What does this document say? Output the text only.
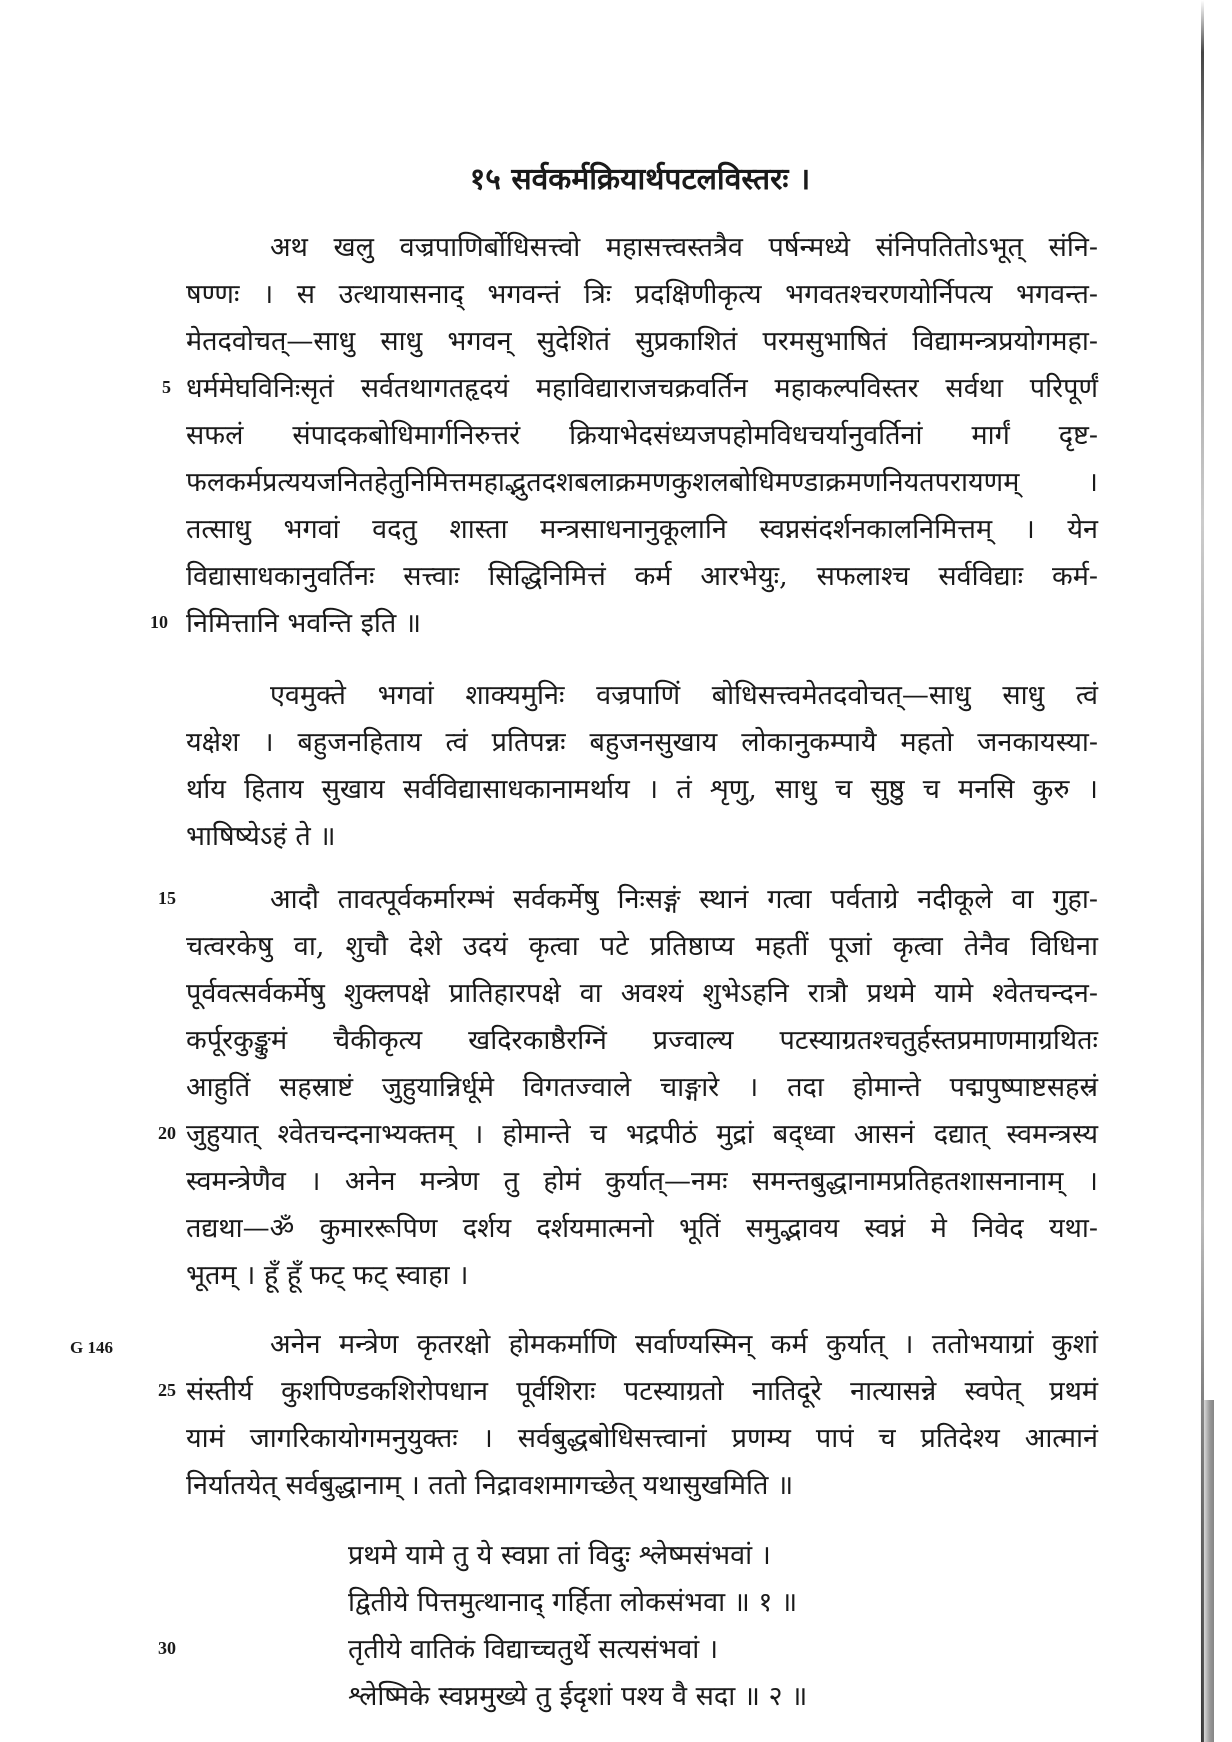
१५ सर्वकर्मक्रियार्थपटलविस्तरः ।
अथ खलु वज्रपाणिर्बोधिसत्त्वो महासत्त्वस्तत्रैव पर्षन्मध्ये संनिपतितोऽभूत् संनि-
षण्णः । स उत्थायासनाद् भगवन्तं त्रिः प्रदक्षिणीकृत्य भगवतश्चरणयोर्निपत्य भगवन्त-
मेतदवोचत्—साधु साधु भगवन् सुदेशितं सुप्रकाशितं परमसुभाषितं विद्यामन्त्रप्रयोगमहा-
धर्ममेघविनिःसृतं सर्वतथागतहृदयं महाविद्याराजचक्रवर्तिन महाकल्पविस्तर सर्वथा परिपूर्णं
सफलं संपादकबोधिमार्गनिरुत्तरं क्रियाभेदसंध्यजपहोमविधचर्यानुवर्तिनां मार्गं दृष्ट-
फलकर्मप्रत्ययजनितहेतुनिमित्तमहाद्भुतदशबलाक्रमणकुशलबोधिमण्डाक्रमणनियतपरायणम् ।
तत्साधु भगवां वदतु शास्ता मन्त्रसाधनानुकूलानि स्वप्नसंदर्शनकालनिमित्तम् । येन
विद्यासाधकानुवर्तिनः सत्त्वाः सिद्धिनिमित्तं कर्म आरभेयुः, सफलाश्च सर्वविद्याः कर्म-
निमित्तानि भवन्ति इति ॥
एवमुक्ते भगवां शाक्यमुनिः वज्रपाणिं बोधिसत्त्वमेतदवोचत्—साधु साधु त्वं
यक्षेश । बहुजनहिताय त्वं प्रतिपन्नः बहुजनसुखाय लोकानुकम्पायै महतो जनकायस्या-
र्थाय हिताय सुखाय सर्वविद्यासाधकानामर्थाय । तं शृणु, साधु च सुष्ठु च मनसि कुरु ।
भाषिष्येऽहं ते ॥
आदौ तावत्पूर्वकर्मारम्भं सर्वकर्मेषु निःसङ्गं स्थानं गत्वा पर्वताग्रे नदीकूले वा गुहा-
चत्वरकेषु वा, शुचौ देशे उदयं कृत्वा पटे प्रतिष्ठाप्य महतीं पूजां कृत्वा तेनैव विधिना
पूर्ववत्सर्वकर्मेषु शुक्लपक्षे प्रातिहारपक्षे वा अवश्यं शुभेऽहनि रात्रौ प्रथमे यामे श्वेतचन्दन-
कर्पूरकुङ्कुमं चैकीकृत्य खदिरकाष्ठैरग्निं प्रज्वाल्य पटस्याग्रतश्चतुर्हस्तप्रमाणमाग्रथितः
आहुतिं सहस्राष्टं जुहुयान्निर्धूमे विगतज्वाले चाङ्गारे । तदा होमान्ते पद्मपुष्पाष्टसहस्रं
जुहुयात् श्वेतचन्दनाभ्यक्तम् । होमान्ते च भद्रपीठं मुद्रां बद्ध्वा आसनं दद्यात् स्वमन्त्रस्य
स्वमन्त्रेणैव । अनेन मन्त्रेण तु होमं कुर्यात्—नमः समन्तबुद्धानामप्रतिहतशासनानाम् ।
तद्यथा—ॐ कुमाररूपिण दर्शय दर्शयमात्मनो भूतिं समुद्भावय स्वप्नं मे निवेद यथा-
भूतम् । हूँ हूँ फट् फट् स्वाहा ।
अनेन मन्त्रेण कृतरक्षो होमकर्माणि सर्वाण्यस्मिन् कर्म कुर्यात् । ततोभयाग्रां कुशां
संस्तीर्य कुशपिण्डकशिरोपधान पूर्वशिराः पटस्याग्रतो नातिदूरे नात्यासन्ने स्वपेत् प्रथमं
यामं जागरिकायोगमनुयुक्तः । सर्वबुद्धबोधिसत्त्वानां प्रणम्य पापं च प्रतिदेश्य आत्मानं
निर्यातयेत् सर्वबुद्धानाम् । ततो निद्रावशमागच्छेत् यथासुखमिति ॥
प्रथमे यामे तु ये स्वप्ना तां विदुः श्लेष्मसंभवां ।
द्वितीये पित्तमुत्थानाद् गर्हिता लोकसंभवा ॥ १ ॥
तृतीये वातिकं विद्याच्चतुर्थे सत्यसंभवां ।
श्लेष्मिके स्वप्नमुख्ये तु ईदृशां पश्य वै सदा ॥ २ ॥
5
10
15
20
25
30
G 146
